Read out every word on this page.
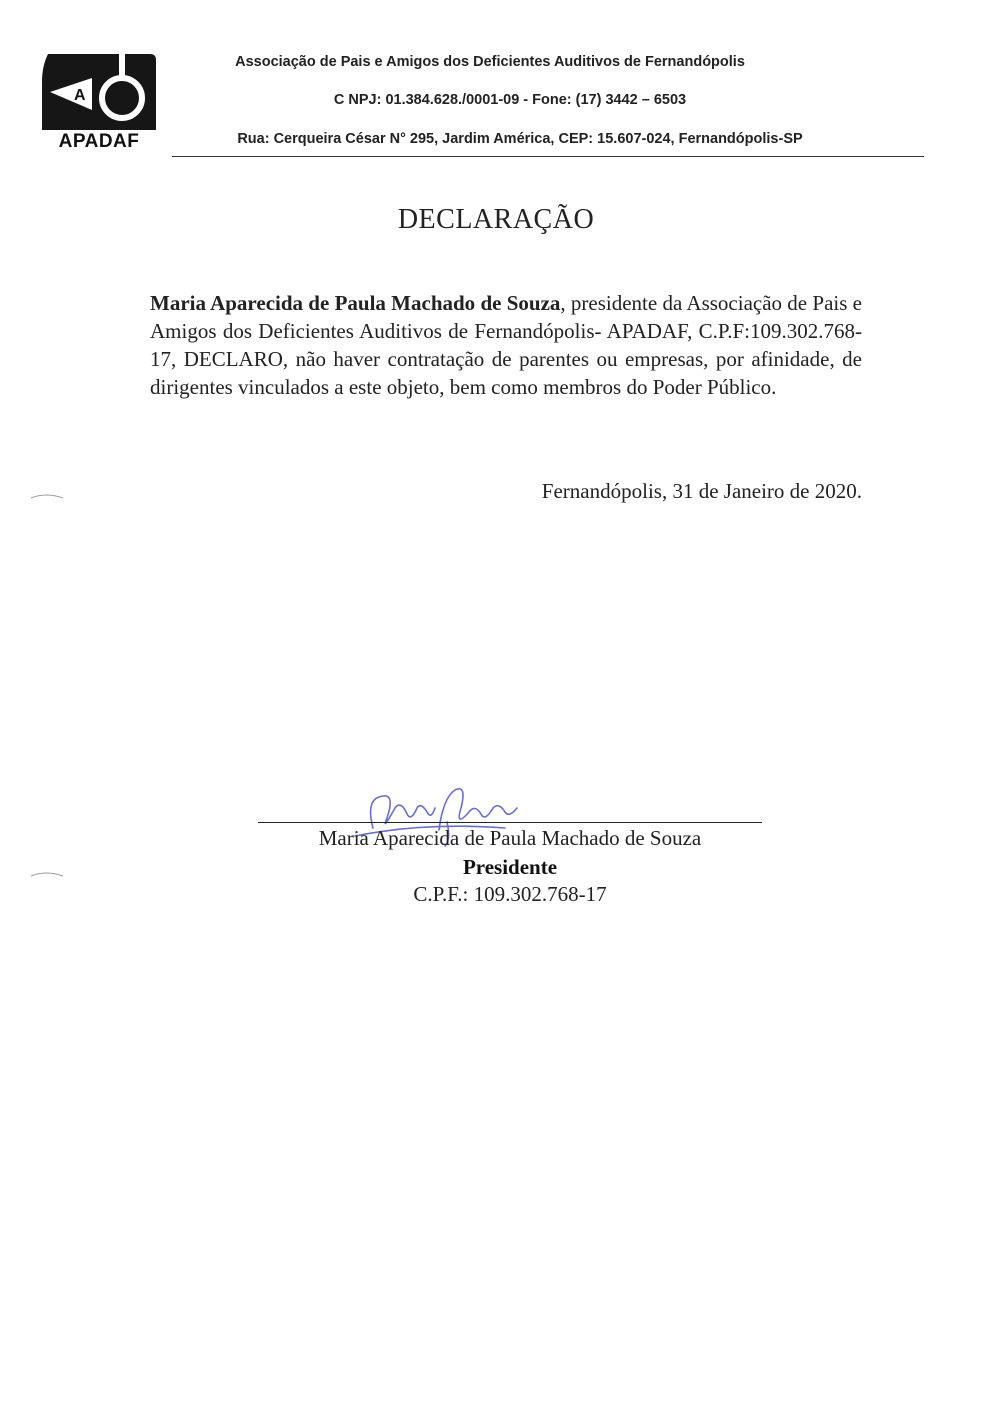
A
APADAF
Associação de Pais e Amigos dos Deficientes Auditivos de Fernandópolis
C NPJ: 01.384.628./0001-09 - Fone: (17) 3442 – 6503
Rua: Cerqueira César N° 295, Jardim América, CEP: 15.607-024, Fernandópolis-SP
DECLARAÇÃO
Maria Aparecida de Paula Machado de Souza, presidente da Associação de Pais e Amigos dos Deficientes Auditivos de Fernandópolis- APADAF, C.P.F:109.302.768-17, DECLARO, não haver contratação de parentes ou empresas, por afinidade, de dirigentes vinculados a este objeto, bem como membros do Poder Público.
Fernandópolis, 31 de Janeiro de 2020.
Maria Aparecida de Paula Machado de Souza
Presidente
C.P.F.: 109.302.768-17
